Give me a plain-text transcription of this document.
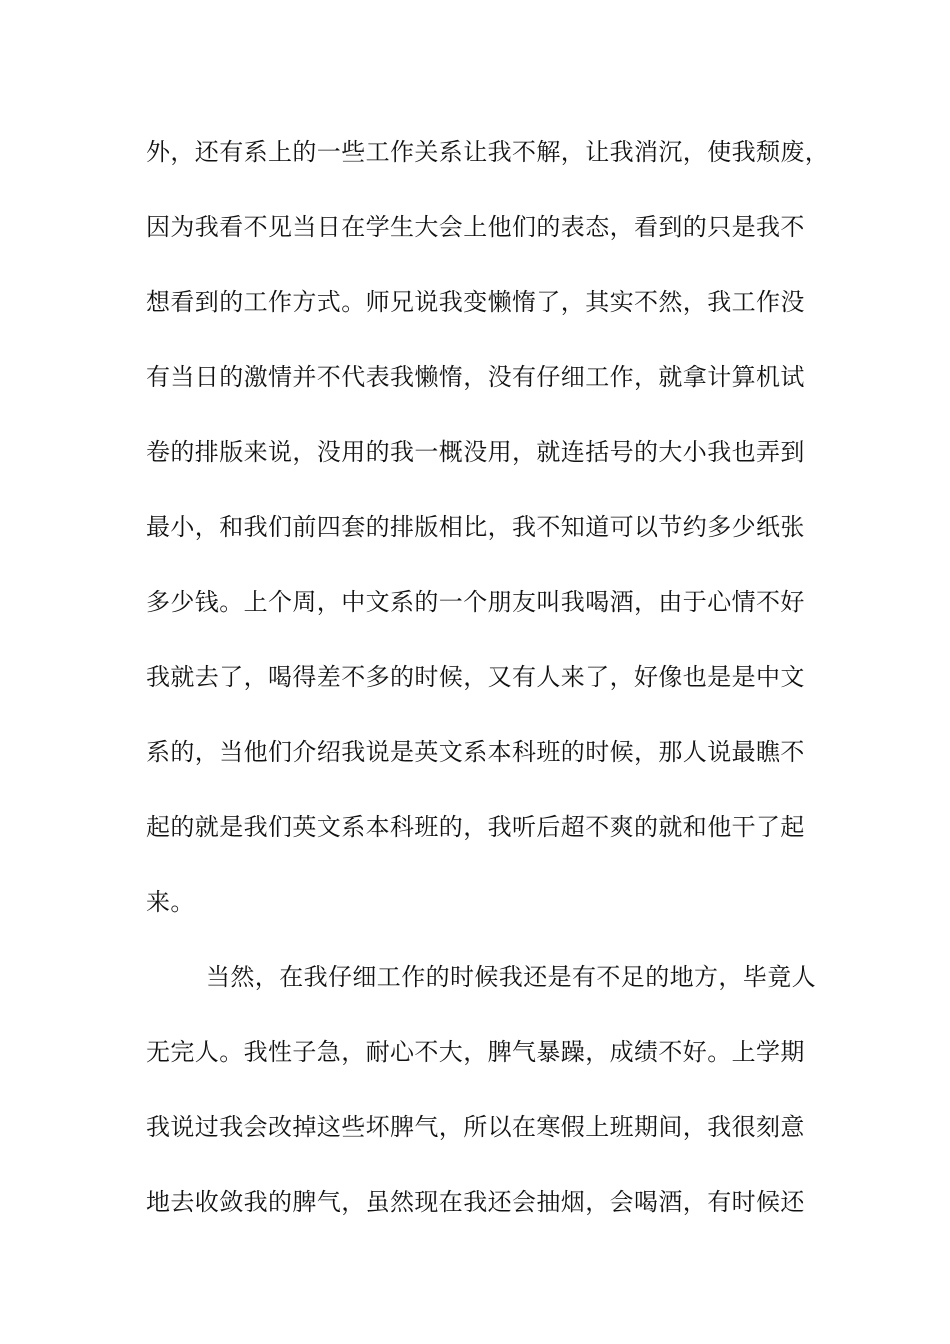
外，还有系上的一些工作关系让我不解，让我消沉，使我颓废，
因为我看不见当日在学生大会上他们的表态，看到的只是我不
想看到的工作方式。师兄说我变懒惰了，其实不然，我工作没
有当日的激情并不代表我懒惰，没有仔细工作，就拿计算机试
卷的排版来说，没用的我一概没用，就连括号的大小我也弄到
最小，和我们前四套的排版相比，我不知道可以节约多少纸张
多少钱。上个周，中文系的一个朋友叫我喝酒，由于心情不好
我就去了，喝得差不多的时候，又有人来了，好像也是是中文
系的，当他们介绍我说是英文系本科班的时候，那人说最瞧不
起的就是我们英文系本科班的，我听后超不爽的就和他干了起
来。
当然，在我仔细工作的时候我还是有不足的地方，毕竟人
无完人。我性子急，耐心不大，脾气暴躁，成绩不好。上学期
我说过我会改掉这些坏脾气，所以在寒假上班期间，我很刻意
地去收敛我的脾气，虽然现在我还会抽烟，会喝酒，有时候还
